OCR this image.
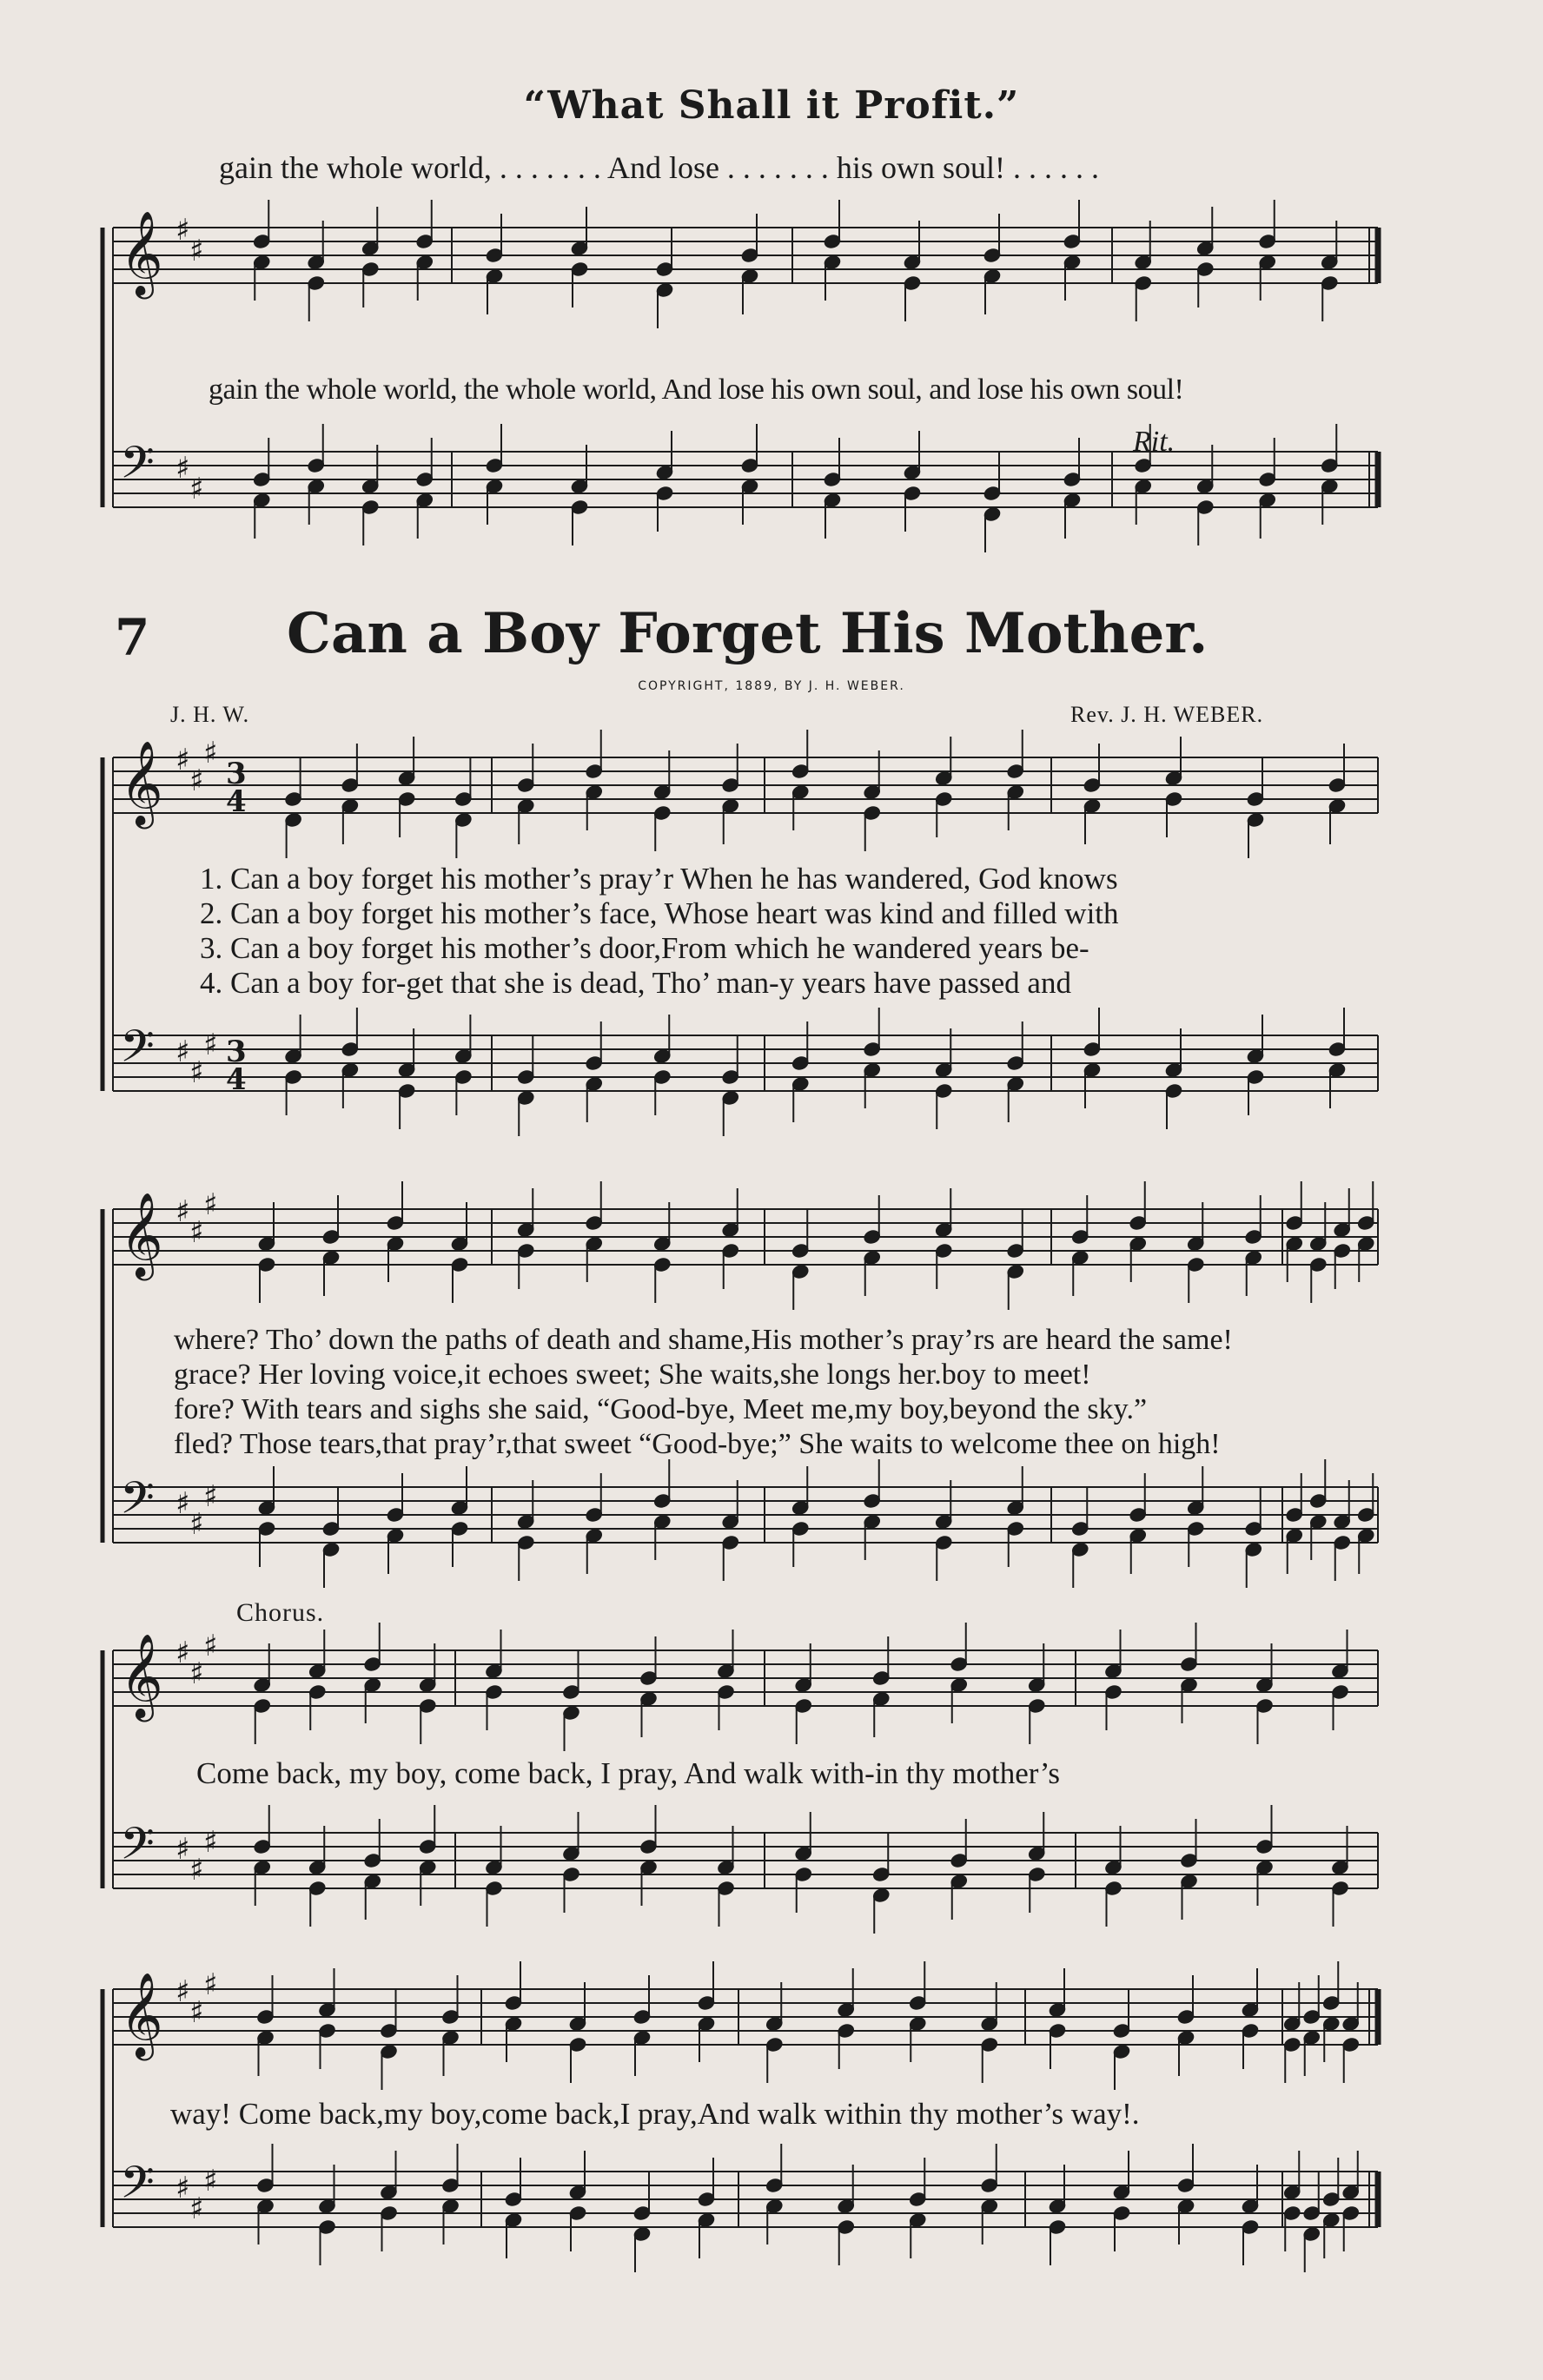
“What Shall it Profit.”
gain the whole world, . . . . . . . And lose . . . . . . . his own soul! . . . . . .
gain the whole world, the whole world, And lose his own soul, and lose his own soul!
Rit.
7 Can a Boy Forget His Mother.
COPYRIGHT, 1889, BY J. H. WEBER.
J. H. W.	Rev. J. H. WEBER.
1. Can a boy forget his mother’s pray’r When he has wandered, God knows
2. Can a boy forget his mother’s face, Whose heart was kind and filled with
3. Can a boy forget his mother’s door,From which he wandered years be-
4. Can a boy for-get that she is dead, Tho’ man-y years have passed and
where? Tho’ down the paths of death and shame,His mother’s pray’rs are heard the same!
grace? Her loving voice,it echoes sweet; She waits,she longs her.boy to meet!
fore? With tears and sighs she said, “Good-bye, Meet me,my boy,beyond the sky.”
fled? Those tears,that pray’r,that sweet “Good-bye;” She waits to welcome thee on high!
Chorus.
Come back, my boy, come back, I pray, And walk with-in thy mother’s
way! Come back,my boy,come back,I pray,And walk within thy mother’s way!.
𝄞 ♯
♯
𝄢 ♯
♯
𝄞 ♯
♯
♯
3
4
𝄢 ♯
♯
♯ 3
4
𝄞 ♯
♯
♯
𝄢 ♯
♯
♯
𝄞 ♯
♯
♯
𝄢 ♯
♯
♯
𝄞 ♯
♯
♯
𝄢 ♯
♯
♯
